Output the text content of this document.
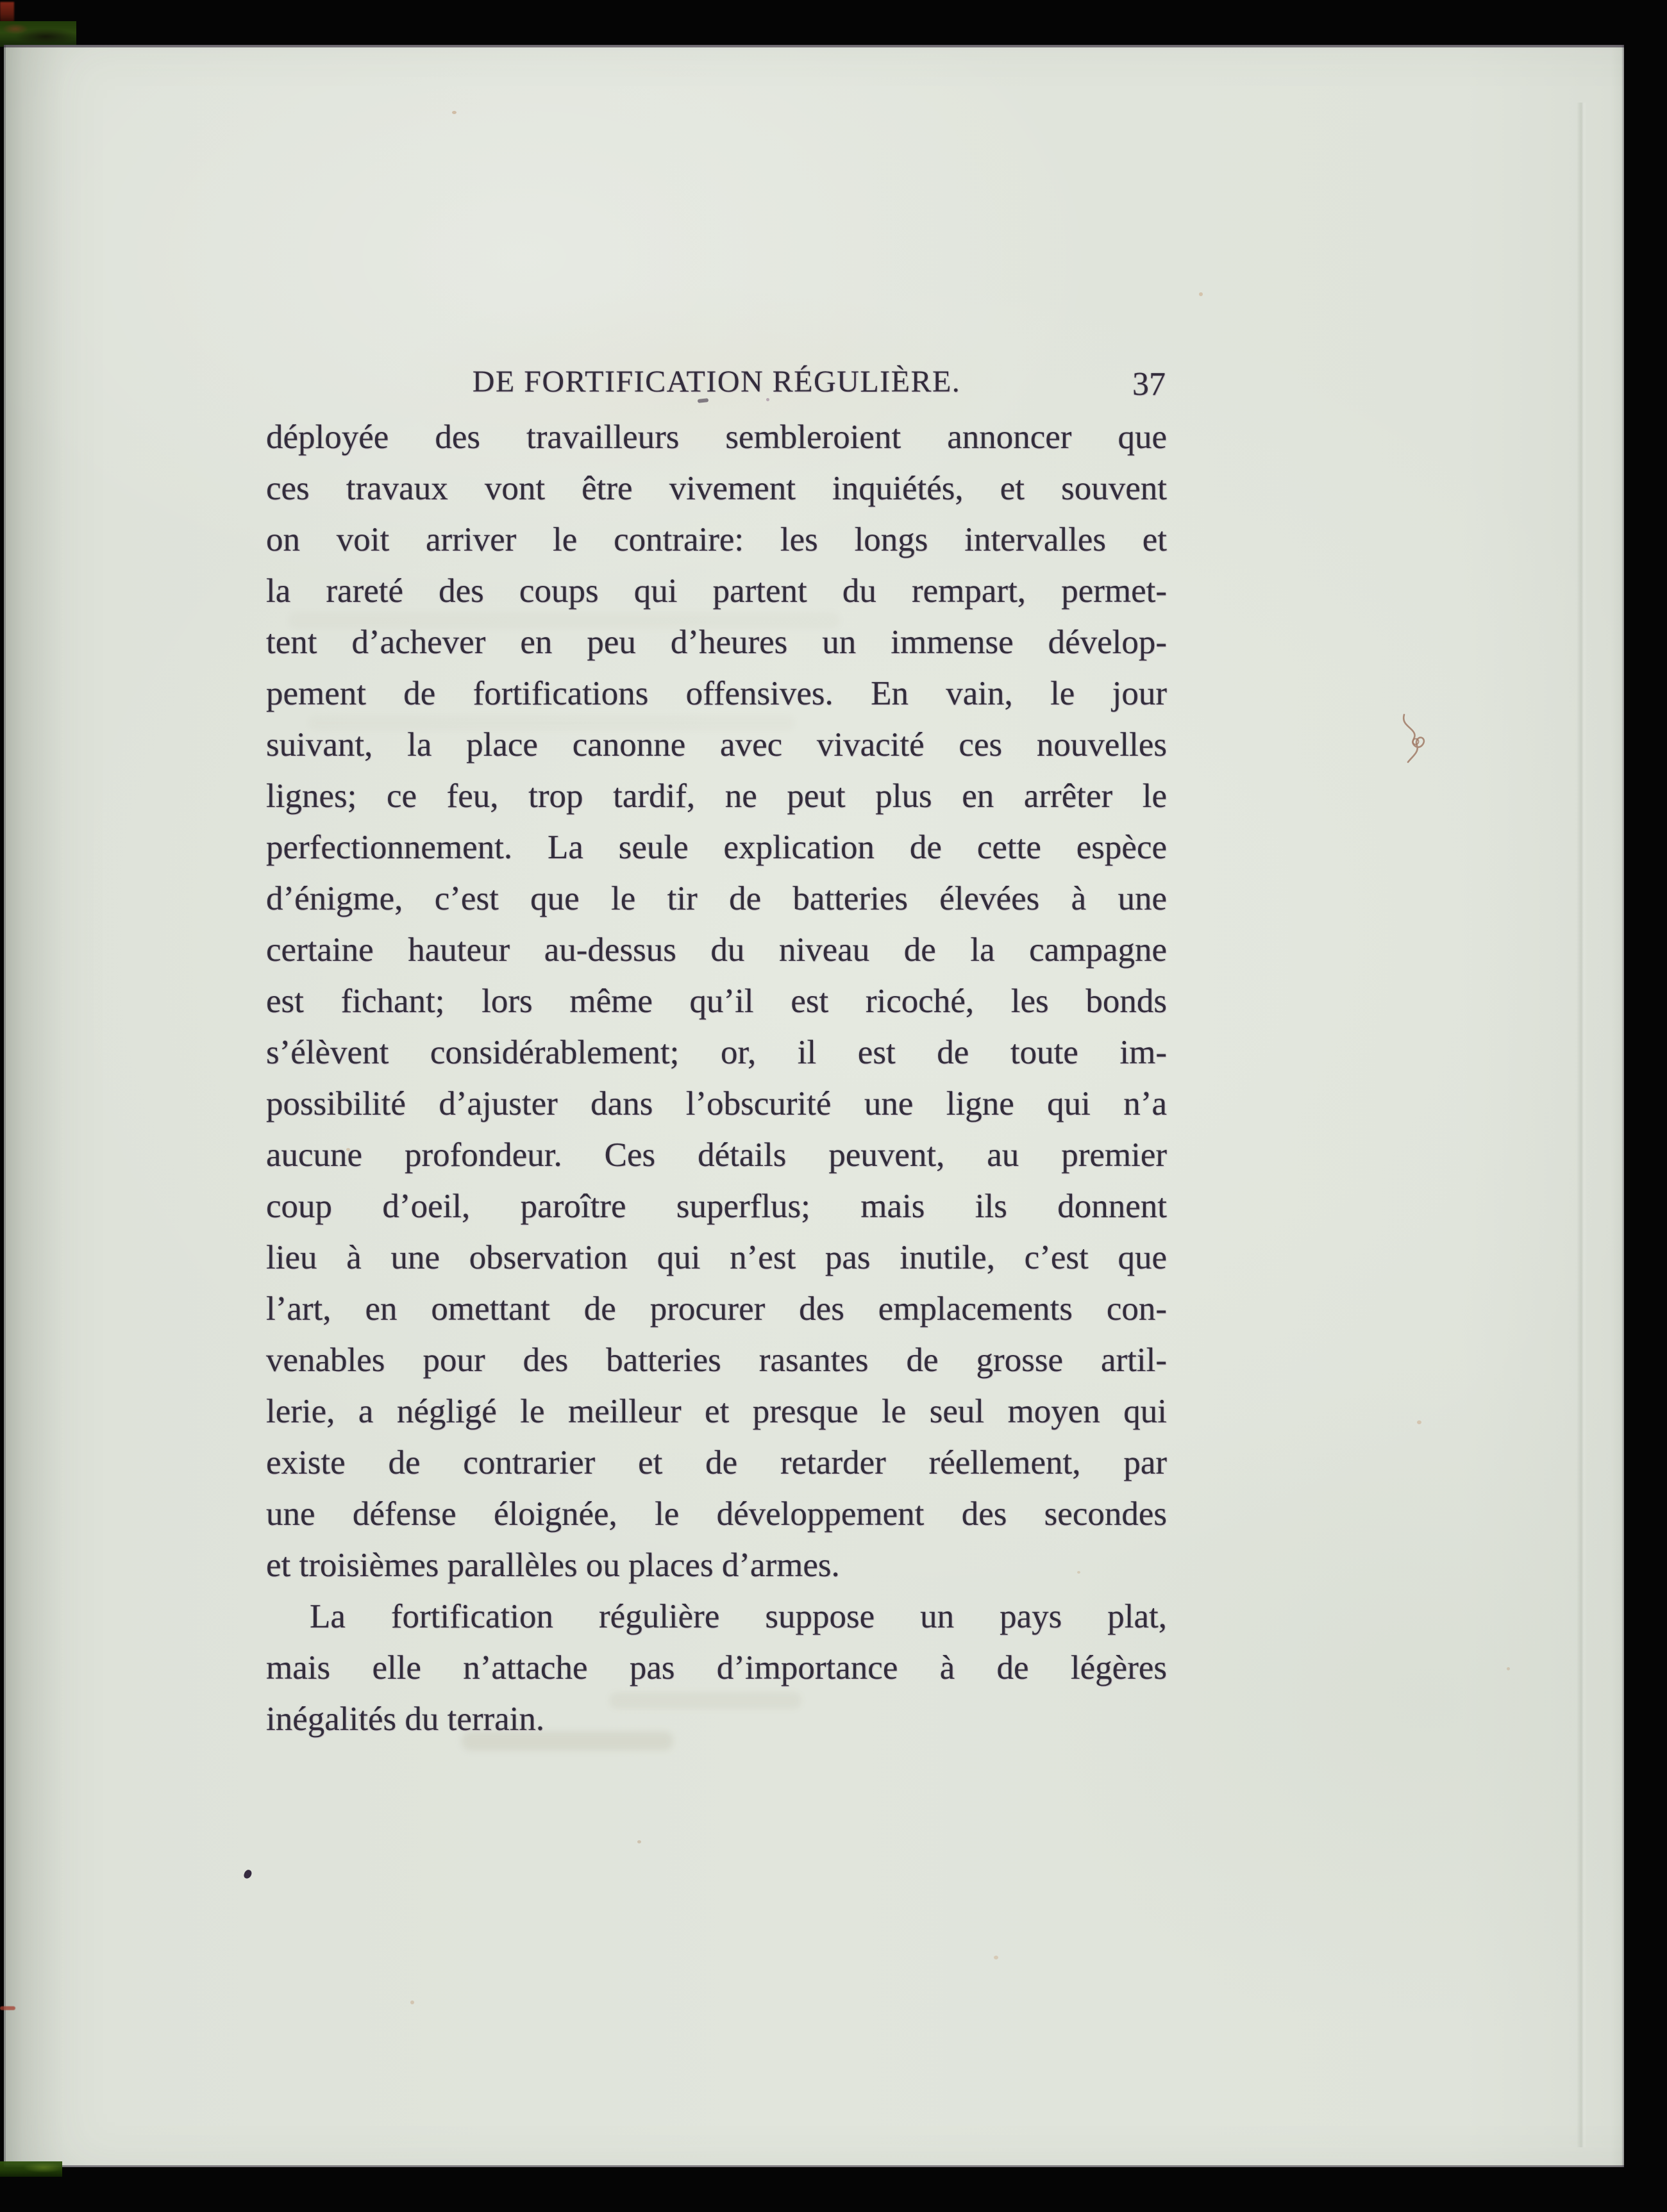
DE FORTIFICATION RÉGULIÈRE.	37
déployée des travailleurs sembleroient annoncer que
ces travaux vont être vivement inquiétés, et souvent
on voit arriver le contraire: les longs intervalles et
la rareté des coups qui partent du rempart, permet-
tent d’achever en peu d’heures un immense dévelop-
pement de fortifications offensives. En vain, le jour
suivant, la place canonne avec vivacité ces nouvelles
lignes; ce feu, trop tardif, ne peut plus en arrêter le
perfectionnement. La seule explication de cette espèce
d’énigme, c’est que le tir de batteries élevées à une
certaine hauteur au-dessus du niveau de la campagne
est fichant; lors même qu’il est ricoché, les bonds
s’élèvent considérablement; or, il est de toute im-
possibilité d’ajuster dans l’obscurité une ligne qui n’a
aucune profondeur. Ces détails peuvent, au premier
coup d’oeil, paroître superflus; mais ils donnent
lieu à une observation qui n’est pas inutile, c’est que
l’art, en omettant de procurer des emplacements con-
venables pour des batteries rasantes de grosse artil-
lerie, a négligé le meilleur et presque le seul moyen qui
existe de contrarier et de retarder réellement, par
une défense éloignée, le développement des secondes
et troisièmes parallèles ou places d’armes.
La fortification régulière suppose un pays plat,
mais elle n’attache pas d’importance à de légères
inégalités du terrain.
